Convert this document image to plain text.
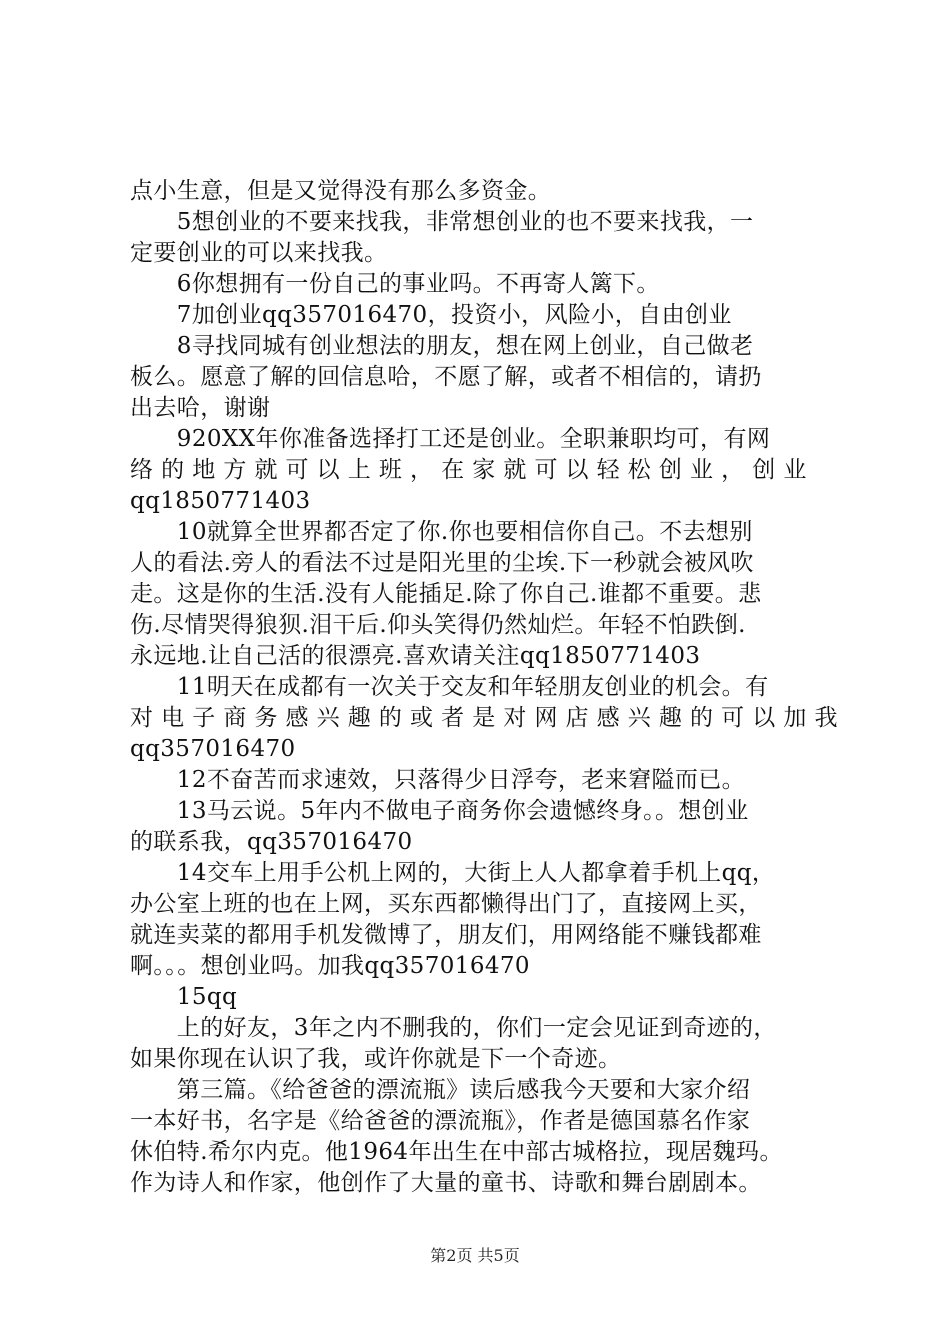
点小生意，但是又觉得没有那么多资金。
　　5想创业的不要来找我，非常想创业的也不要来找我，一
定要创业的可以来找我。
　　6你想拥有一份自己的事业吗。不再寄人篱下。
　　7加创业qq357016470，投资小，风险小，自由创业
　　8寻找同城有创业想法的朋友，想在网上创业，自己做老
板么。愿意了解的回信息哈，不愿了解，或者不相信的，请扔
出去哈，谢谢
　　920XX年你准备选择打工还是创业。全职兼职均可，有网
络 的 地 方 就 可 以 上 班 ， 在 家 就 可 以 轻 松 创 业 ， 创 业
qq1850771403
　　10就算全世界都否定了你.你也要相信你自己。不去想别
人的看法.旁人的看法不过是阳光里的尘埃.下一秒就会被风吹
走。这是你的生活.没有人能插足.除了你自己.谁都不重要。悲
伤.尽情哭得狼狈.泪干后.仰头笑得仍然灿烂。年轻不怕跌倒.
永远地.让自己活的很漂亮.喜欢请关注qq1850771403
　　11明天在成都有一次关于交友和年轻朋友创业的机会。有
对 电 子 商 务 感 兴 趣 的 或 者 是 对 网 店 感 兴 趣 的 可 以 加 我
qq357016470
　　12不奋苦而求速效，只落得少日浮夸，老来窘隘而已。
　　13马云说。5年内不做电子商务你会遗憾终身。。想创业
的联系我，qq357016470
　　14交车上用手公机上网的，大街上人人都拿着手机上qq，
办公室上班的也在上网，买东西都懒得出门了，直接网上买，
就连卖菜的都用手机发微博了，朋友们，用网络能不赚钱都难
啊。。。想创业吗。加我qq357016470
　　15qq
　　上的好友，3年之内不删我的，你们一定会见证到奇迹的，
如果你现在认识了我，或许你就是下一个奇迹。
　　第三篇。《给爸爸的漂流瓶》读后感我今天要和大家介绍
一本好书，名字是《给爸爸的漂流瓶》，作者是德国慕名作家
休伯特.希尔内克。他1964年出生在中部古城格拉，现居魏玛。
作为诗人和作家，他创作了大量的童书、诗歌和舞台剧剧本。
第2页 共5页
